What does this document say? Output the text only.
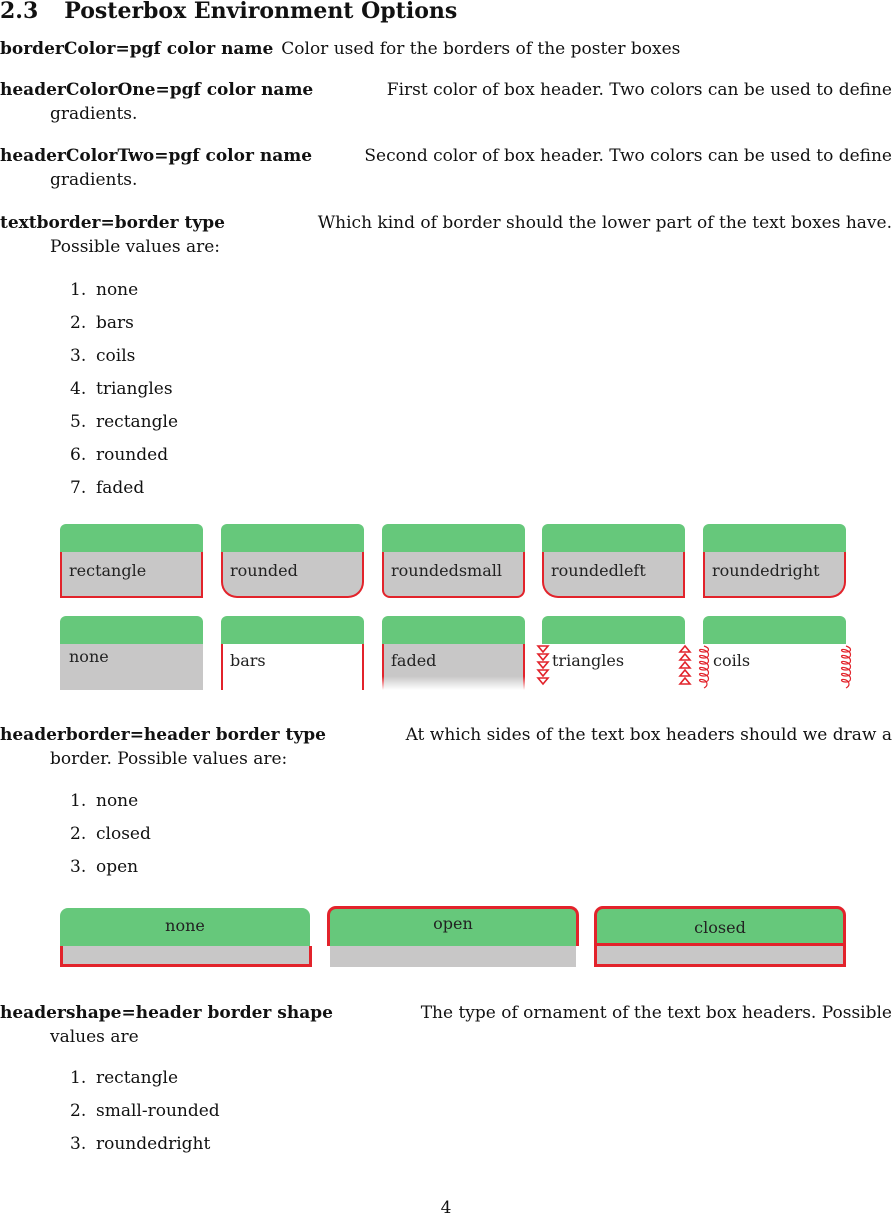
2.3 Posterbox Environment Options
borderColor=pgf color name Color used for the borders of the poster boxes
headerColorOne=pgf color name	First color of box header. Two colors can be used to define
gradients.
headerColorTwo=pgf color name	Second color of box header. Two colors can be used to define
gradients.
textborder=border type	Which kind of border should the lower part of the text boxes have.
Possible values are:
1. none
2. bars
3. coils
4. triangles
5. rectangle
6. rounded
7. faded
rectangle	rounded	roundedsmall	roundedleft	roundedright
none	bars	faded	triangles	coils
headerborder=header border type	At which sides of the text box headers should we draw a
border. Possible values are:
1. none
2. closed
3. open
none	open	closed
headershape=header border shape	The type of ornament of the text box headers. Possible
values are
1. rectangle
2. small-rounded
3. roundedright
4
